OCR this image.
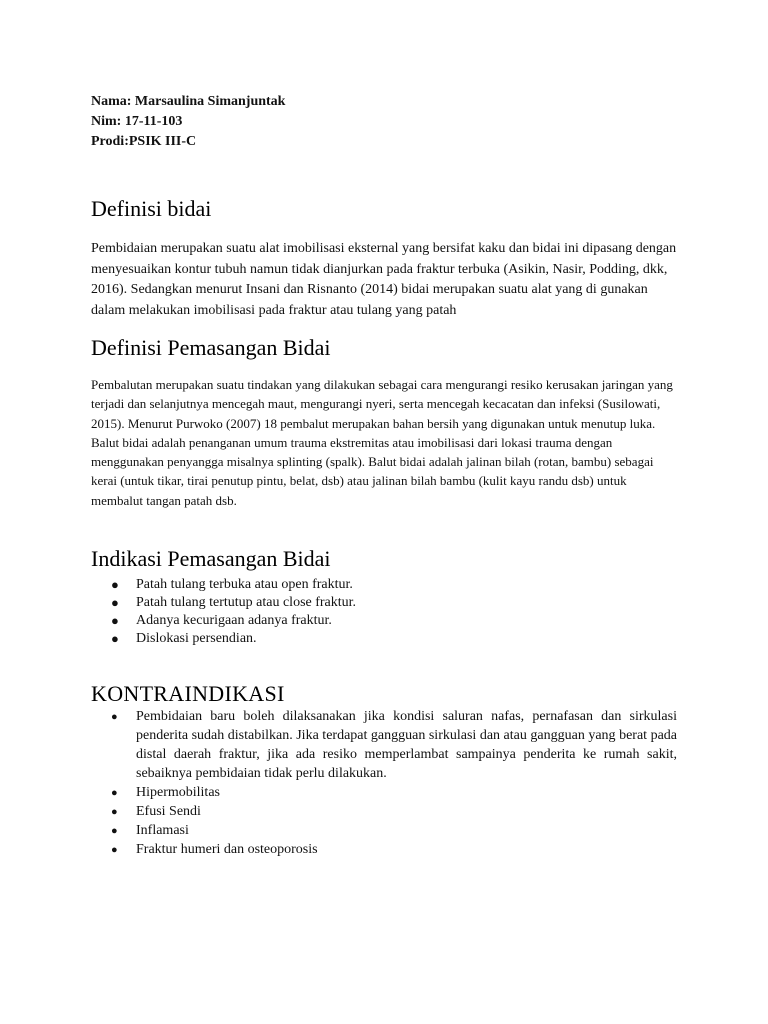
Nama: Marsaulina Simanjuntak
Nim: 17-11-103
Prodi:PSIK III-C
Definisi bidai

Pembidaian merupakan suatu alat imobilisasi eksternal yang bersifat kaku dan bidai ini dipasang dengan menyesuaikan kontur tubuh namun tidak dianjurkan pada fraktur terbuka (Asikin, Nasir, Podding, dkk, 2016). Sedangkan menurut Insani dan Risnanto (2014) bidai merupakan suatu alat yang di gunakan dalam melakukan imobilisasi pada fraktur atau tulang yang patah

Definisi Pemasangan Bidai

Pembalutan merupakan suatu tindakan yang dilakukan sebagai cara mengurangi resiko kerusakan jaringan yang terjadi dan selanjutnya mencegah maut, mengurangi nyeri, serta mencegah kecacatan dan infeksi (Susilowati, 2015). Menurut Purwoko (2007) 18 pembalut merupakan bahan bersih yang digunakan untuk menutup luka.

Balut bidai adalah penanganan umum trauma ekstremitas atau imobilisasi dari lokasi trauma dengan menggunakan penyangga misalnya splinting (spalk). Balut bidai adalah jalinan bilah (rotan, bambu) sebagai kerai (untuk tikar, tirai penutup pintu, belat, dsb) atau jalinan bilah bambu (kulit kayu randu dsb) untuk membalut tangan patah dsb.

Indikasi Pemasangan Bidai
● Patah tulang terbuka atau open fraktur.
● Patah tulang tertutup atau close fraktur.
● Adanya kecurigaan adanya fraktur.
● Dislokasi persendian.
KONTRAINDIKASI
● Pembidaian baru boleh dilaksanakan jika kondisi saluran nafas, pernafasan dan sirkulasi penderita sudah distabilkan. Jika terdapat gangguan sirkulasi dan atau gangguan yang berat pada distal daerah fraktur, jika ada resiko memperlambat sampainya penderita ke rumah sakit, sebaiknya pembidaian tidak perlu dilakukan.
● Hipermobilitas
● Efusi Sendi
● Inflamasi
● Fraktur humeri dan osteoporosis
